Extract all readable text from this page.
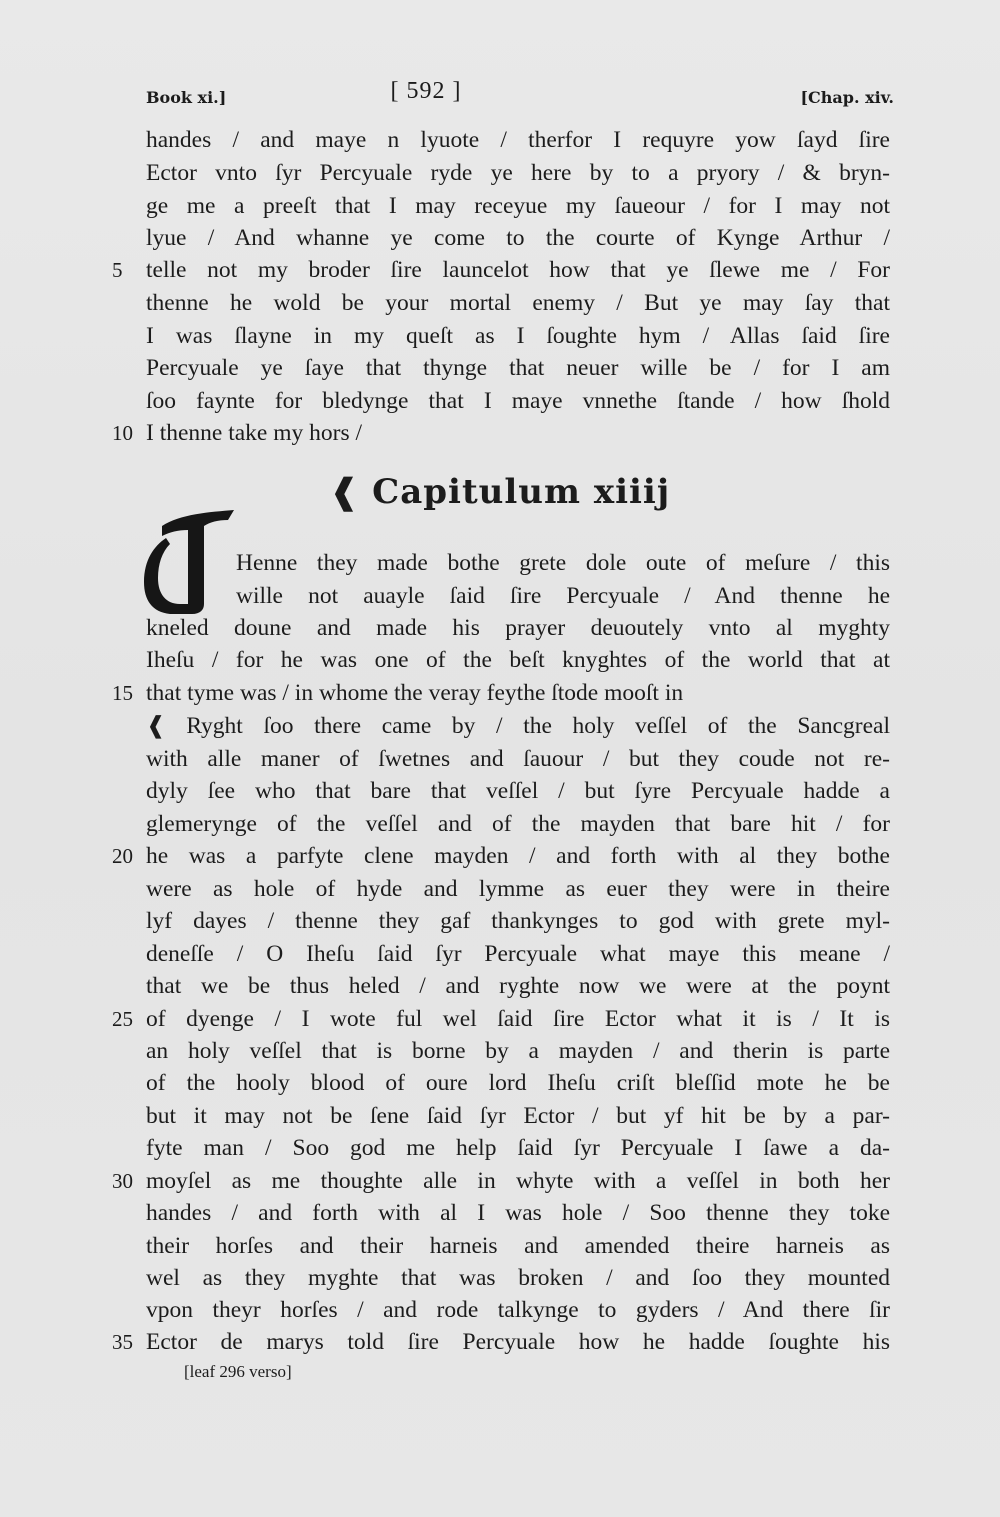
Book xi.]	[ 592 ]	[Chap. xiv.
handes / and maye n lyuote / therfor I requyre yow ſayd ſire
Ector vnto ſyr Percyuale ryde ye here by to a pryory / & bryn-
ge me a preeſt that I may receyue my ſaueour / for I may not
lyue / And whanne ye come to the courte of Kynge Arthur /
telle not my broder ſire launcelot how that ye ſlewe me / For
thenne he wold be your mortal enemy / But ye may ſay that
I was ſlayne in my queſt as I ſoughte hym / Allas ſaid ſire
Percyuale ye ſaye that thynge that neuer wille be / for I am
ſoo faynte for bledynge that I maye vnnethe ſtande / how ſhold
I thenne take my hors /
❰ Capitulum xiiij
T
Henne they made bothe grete dole oute of meſure / this
wille not auayle ſaid ſire Percyuale / And thenne he
kneled doune and made his prayer deuoutely vnto al myghty
Iheſu / for he was one of the beſt knyghtes of the world that at
that tyme was / in whome the veray feythe ſtode mooſt in
❰ Ryght ſoo there came by / the holy veſſel of the Sancgreal
with alle maner of ſwetnes and ſauour / but they coude not re-
dyly ſee who that bare that veſſel / but ſyre Percyuale hadde a
glemerynge of the veſſel and of the mayden that bare hit / for
he was a parfyte clene mayden / and forth with al they bothe
were as hole of hyde and lymme as euer they were in theire
lyf dayes / thenne they gaf thankynges to god with grete myl-
deneſſe / O Iheſu ſaid ſyr Percyuale what maye this meane /
that we be thus heled / and ryghte now we were at the poynt
of dyenge / I wote ful wel ſaid ſire Ector what it is / It is
an holy veſſel that is borne by a mayden / and therin is parte
of the hooly blood of oure lord Iheſu criſt bleſſid mote he be
but it may not be ſene ſaid ſyr Ector / but yf hit be by a par-
fyte man / Soo god me help ſaid ſyr Percyuale I ſawe a da-
moyſel as me thoughte alle in whyte with a veſſel in both her
handes / and forth with al I was hole / Soo thenne they toke
their horſes and their harneis and amended theire harneis as
wel as they myghte that was broken / and ſoo they mounted
vpon theyr horſes / and rode talkynge to gyders / And there ſir
Ector de marys told ſire Percyuale how he hadde ſoughte his
5
10
15
20
25
30
35
[leaf 296 verso]
